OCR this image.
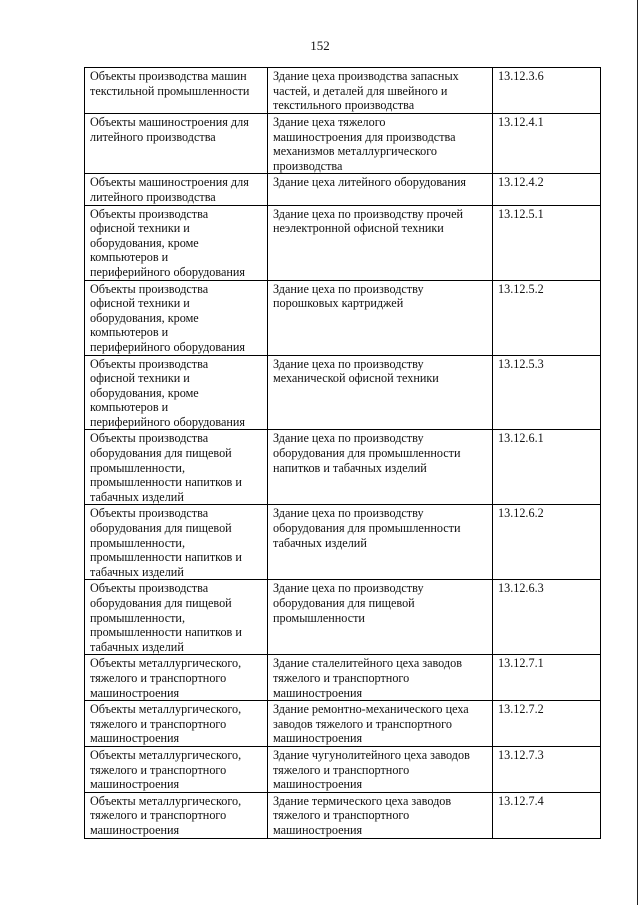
152
Объекты производства машин
текстильной промышленности	Здание цеха производства запасных
частей, и деталей для швейного и
текстильного производства	13.12.3.6

Объекты машиностроения для
литейного производства	Здание цеха тяжелого
машиностроения для производства
механизмов металлургического
производства	13.12.4.1

Объекты машиностроения для
литейного производства	Здание цеха литейного оборудования	13.12.4.2

Объекты производства
офисной техники и
оборудования, кроме
компьютеров и
периферийного оборудования	Здание цеха по производству прочей
неэлектронной офисной техники	13.12.5.1

Объекты производства
офисной техники и
оборудования, кроме
компьютеров и
периферийного оборудования	Здание цеха по производству
порошковых картриджей	13.12.5.2

Объекты производства
офисной техники и
оборудования, кроме
компьютеров и
периферийного оборудования	Здание цеха по производству
механической офисной техники	13.12.5.3

Объекты производства
оборудования для пищевой
промышленности,
промышленности напитков и
табачных изделий	Здание цеха по производству
оборудования для промышленности
напитков и табачных изделий	13.12.6.1

Объекты производства
оборудования для пищевой
промышленности,
промышленности напитков и
табачных изделий	Здание цеха по производству
оборудования для промышленности
табачных изделий	13.12.6.2

Объекты производства
оборудования для пищевой
промышленности,
промышленности напитков и
табачных изделий	Здание цеха по производству
оборудования для пищевой
промышленности	13.12.6.3

Объекты металлургического,
тяжелого и транспортного
машиностроения	Здание сталелитейного цеха заводов
тяжелого и транспортного
машиностроения	13.12.7.1

Объекты металлургического,
тяжелого и транспортного
машиностроения	Здание ремонтно-механического цеха
заводов тяжелого и транспортного
машиностроения	13.12.7.2

Объекты металлургического,
тяжелого и транспортного
машиностроения	Здание чугунолитейного цеха заводов
тяжелого и транспортного
машиностроения	13.12.7.3

Объекты металлургического,
тяжелого и транспортного
машиностроения	Здание термического цеха заводов
тяжелого и транспортного
машиностроения	13.12.7.4
